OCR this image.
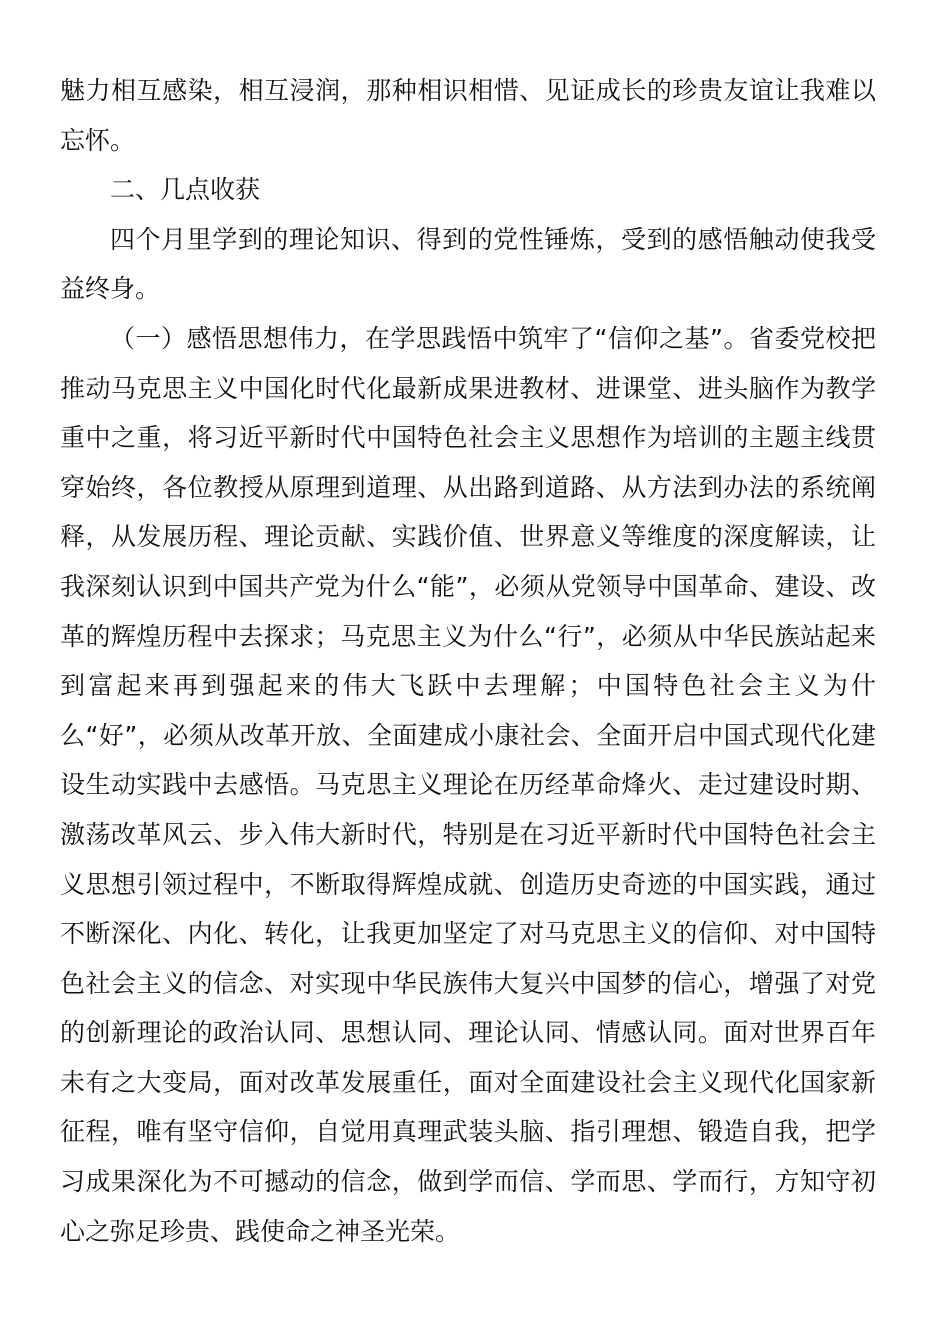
魅力相互感染，相互浸润，那种相识相惜、见证成长的珍贵友谊让我难以忘怀。

二、几点收获

四个月里学到的理论知识、得到的党性锤炼，受到的感悟触动使我受益终身。

（一）感悟思想伟力，在学思践悟中筑牢了“信仰之基”。省委党校把推动马克思主义中国化时代化最新成果进教材、进课堂、进头脑作为教学重中之重，将习近平新时代中国特色社会主义思想作为培训的主题主线贯穿始终，各位教授从原理到道理、从出路到道路、从方法到办法的系统阐释，从发展历程、理论贡献、实践价值、世界意义等维度的深度解读，让我深刻认识到中国共产党为什么“能”，必须从党领导中国革命、建设、改革的辉煌历程中去探求；马克思主义为什么“行”，必须从中华民族站起来到富起来再到强起来的伟大飞跃中去理解；中国特色社会主义为什么“好”，必须从改革开放、全面建成小康社会、全面开启中国式现代化建设生动实践中去感悟。马克思主义理论在历经革命烽火、走过建设时期、激荡改革风云、步入伟大新时代，特别是在习近平新时代中国特色社会主义思想引领过程中，不断取得辉煌成就、创造历史奇迹的中国实践，通过不断深化、内化、转化，让我更加坚定了对马克思主义的信仰、对中国特色社会主义的信念、对实现中华民族伟大复兴中国梦的信心，增强了对党的创新理论的政治认同、思想认同、理论认同、情感认同。面对世界百年未有之大变局，面对改革发展重任，面对全面建设社会主义现代化国家新征程，唯有坚守信仰，自觉用真理武装头脑、指引理想、锻造自我，把学习成果深化为不可撼动的信念，做到学而信、学而思、学而行，方知守初心之弥足珍贵、践使命之神圣光荣。
